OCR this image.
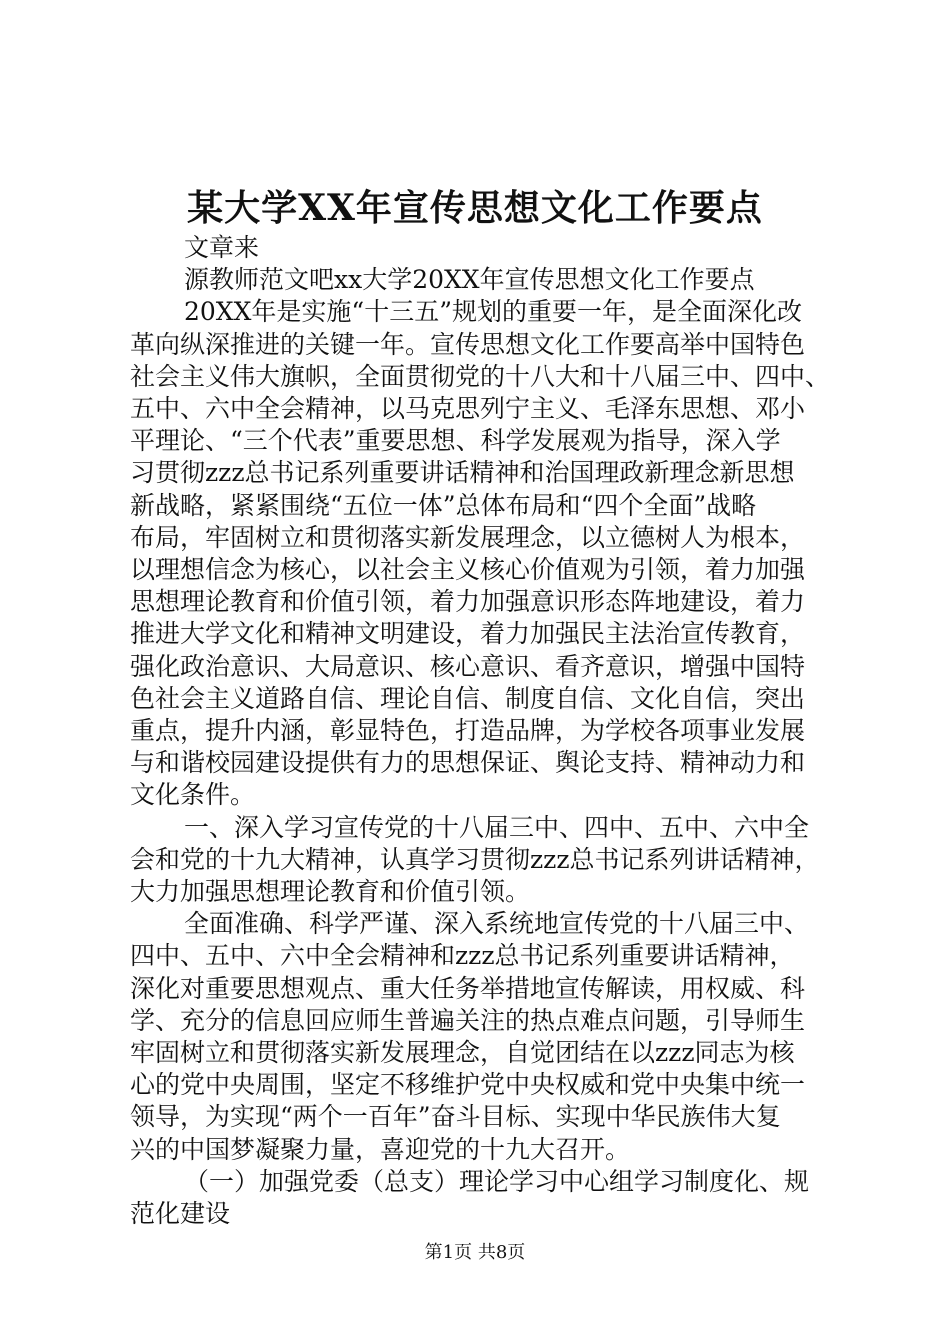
某大学XX年宣传思想文化工作要点

文章来

源教师范文吧xx大学20XX年宣传思想文化工作要点

20XX年是实施“十三五”规划的重要一年，是全面深化改

革向纵深推进的关键一年。宣传思想文化工作要高举中国特色

社会主义伟大旗帜，全面贯彻党的十八大和十八届三中、四中、

五中、六中全会精神，以马克思列宁主义、毛泽东思想、邓小

平理论、“三个代表”重要思想、科学发展观为指导，深入学

习贯彻zzz总书记系列重要讲话精神和治国理政新理念新思想

新战略，紧紧围绕“五位一体”总体布局和“四个全面”战略

布局，牢固树立和贯彻落实新发展理念，以立德树人为根本，

以理想信念为核心，以社会主义核心价值观为引领，着力加强

思想理论教育和价值引领，着力加强意识形态阵地建设，着力

推进大学文化和精神文明建设，着力加强民主法治宣传教育，

强化政治意识、大局意识、核心意识、看齐意识，增强中国特

色社会主义道路自信、理论自信、制度自信、文化自信，突出

重点，提升内涵，彰显特色，打造品牌，为学校各项事业发展

与和谐校园建设提供有力的思想保证、舆论支持、精神动力和

文化条件。

一、深入学习宣传党的十八届三中、四中、五中、六中全

会和党的十九大精神，认真学习贯彻zzz总书记系列讲话精神，

大力加强思想理论教育和价值引领。

全面准确、科学严谨、深入系统地宣传党的十八届三中、

四中、五中、六中全会精神和zzz总书记系列重要讲话精神，

深化对重要思想观点、重大任务举措地宣传解读，用权威、科

学、充分的信息回应师生普遍关注的热点难点问题，引导师生

牢固树立和贯彻落实新发展理念，自觉团结在以zzz同志为核

心的党中央周围，坚定不移维护党中央权威和党中央集中统一

领导，为实现“两个一百年”奋斗目标、实现中华民族伟大复

兴的中国梦凝聚力量，喜迎党的十九大召开。

（一）加强党委（总支）理论学习中心组学习制度化、规

范化建设

第1页 共8页
